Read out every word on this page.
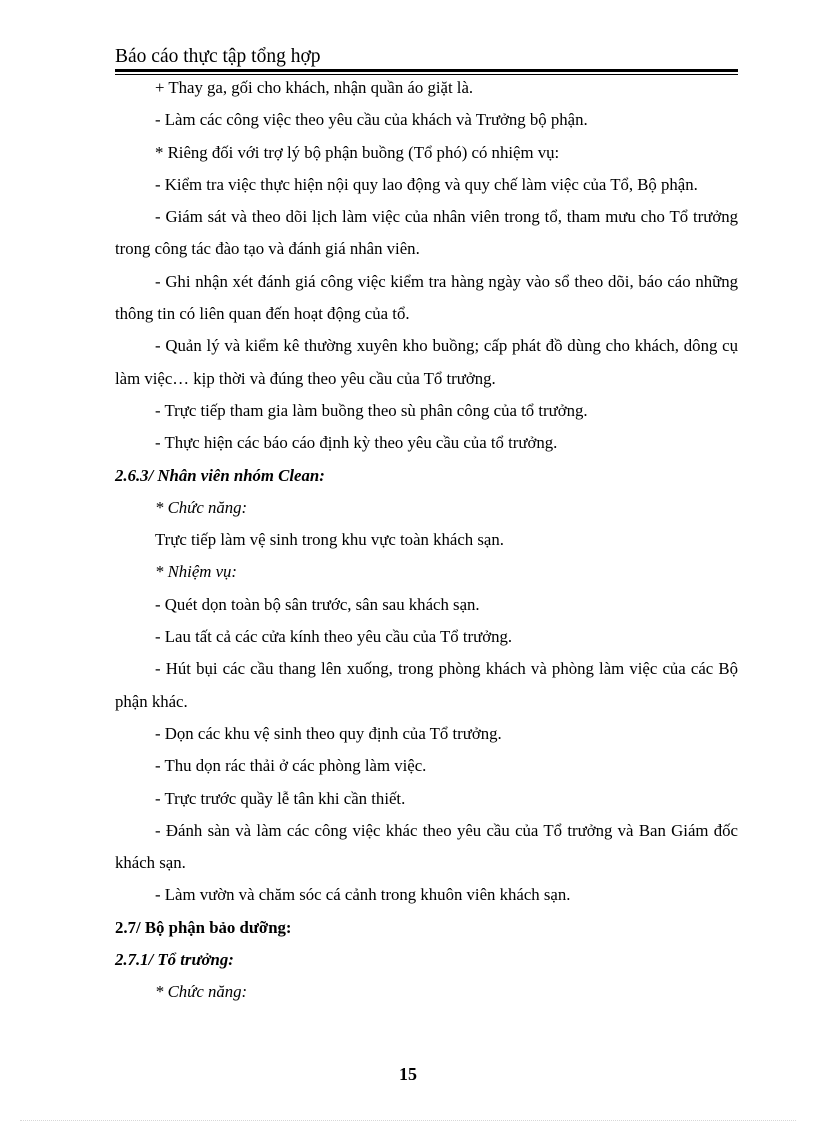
Báo cáo thực tập tổng hợp

+ Thay ga, gối cho khách, nhận quần áo giặt là.

- Làm các công việc theo yêu cầu của khách và Trưởng bộ phận.

* Riêng đối với trợ lý bộ phận buồng (Tổ phó) có nhiệm vụ:

- Kiểm tra việc thực hiện nội quy lao động và quy chế làm việc của Tổ, Bộ phận.

- Giám sát và theo dõi lịch làm việc của nhân viên trong tổ, tham mưu cho Tổ trưởng trong công tác đào tạo và đánh giá nhân viên.

- Ghi nhận xét đánh giá công việc kiểm tra hàng ngày vào sổ theo dõi, báo cáo những thông tin có liên quan đến hoạt động của tổ.

- Quản lý và kiểm kê thường xuyên kho buồng; cấp phát đồ dùng cho khách, dông cụ làm việc… kịp thời và đúng theo yêu cầu của Tổ trưởng.

- Trực tiếp tham gia làm buồng theo sù phân công của tổ trưởng.

- Thực hiện các báo cáo định kỳ theo yêu cầu của tổ trưởng.

2.6.3/ Nhân viên nhóm Clean:

* Chức năng:

Trực tiếp làm vệ sinh trong khu vực toàn khách sạn.

* Nhiệm vụ:

- Quét dọn toàn bộ sân trước, sân sau khách sạn.

- Lau tất cả các cửa kính theo yêu cầu của Tổ trưởng.

- Hút bụi các cầu thang lên xuống, trong phòng khách và phòng làm việc của các Bộ phận khác.

- Dọn các khu vệ sinh theo quy định của Tổ trưởng.

- Thu dọn rác thải ở các phòng làm việc.

- Trực trước quầy lễ tân khi cần thiết.

- Đánh sàn và làm các công việc khác theo yêu cầu của Tổ trưởng và Ban Giám đốc khách sạn.

- Làm vườn và chăm sóc cá cảnh trong khuôn viên khách sạn.

2.7/ Bộ phận bảo dưỡng:

2.7.1/ Tổ trưởng:

* Chức năng:

15
